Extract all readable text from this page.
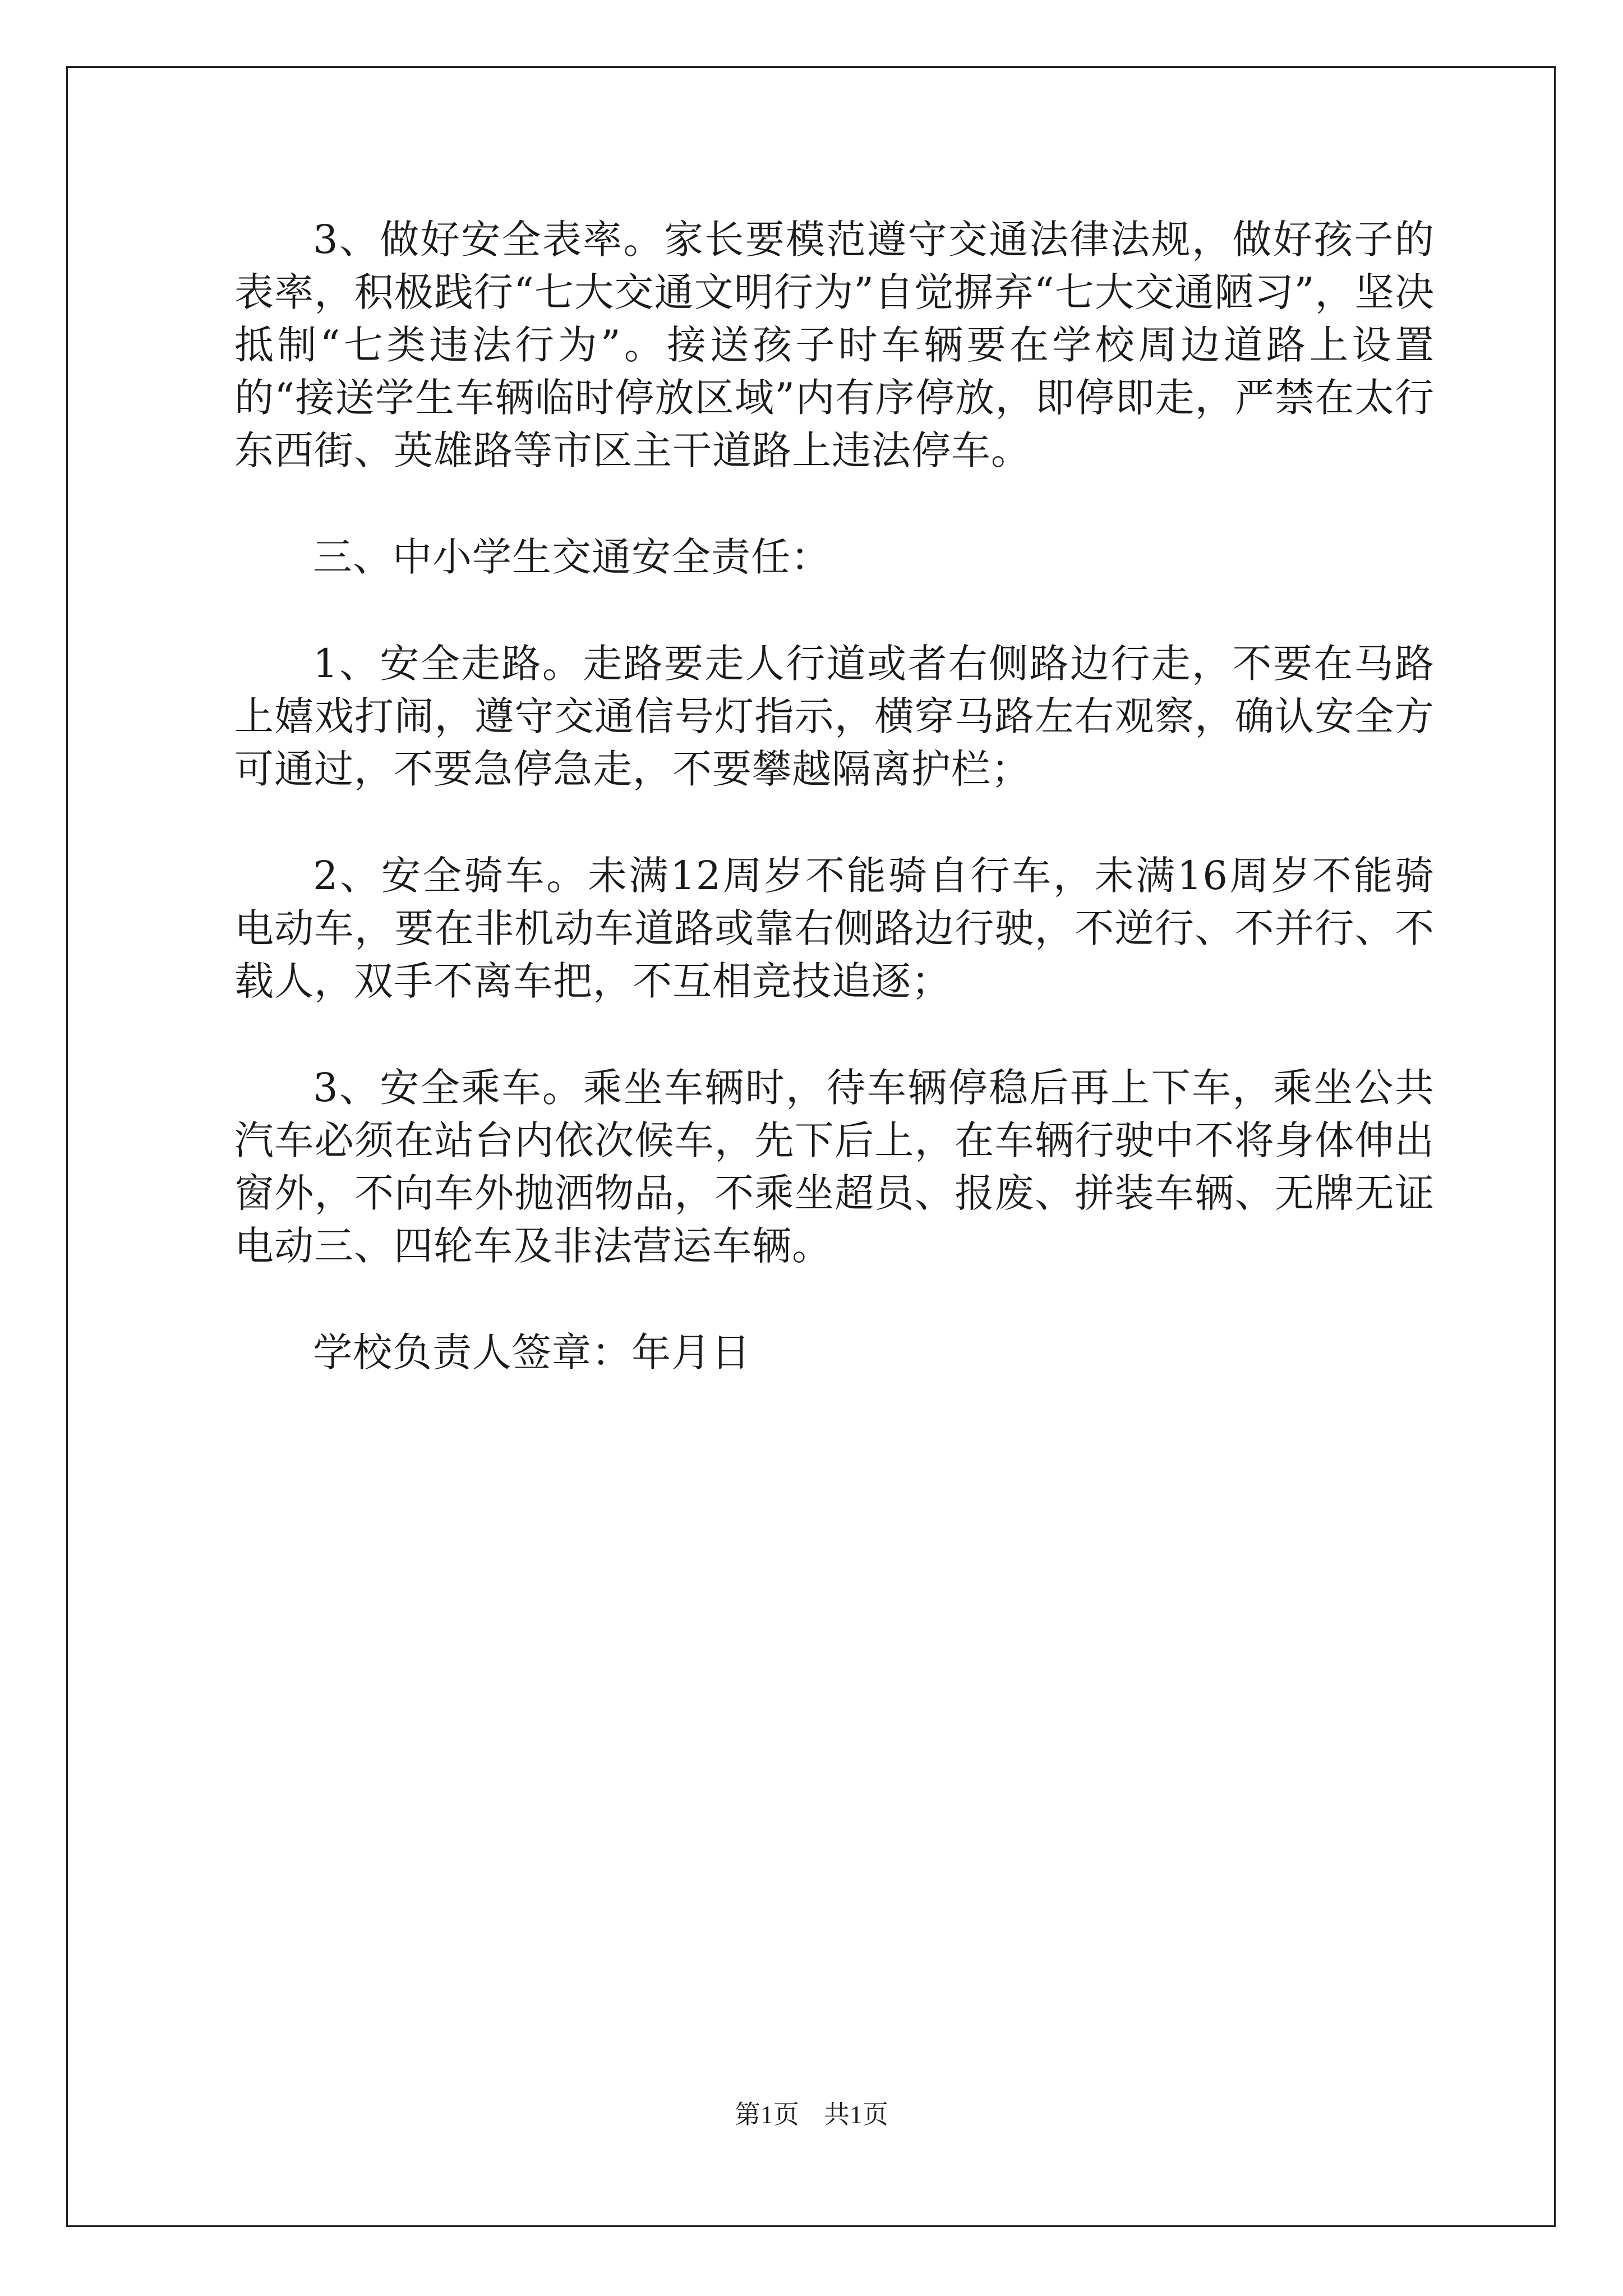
3、做好安全表率。家长要模范遵守交通法律法规，做好孩子的表率，积极践行“七大交通文明行为”自觉摒弃“七大交通陋习”，坚决抵制“七类违法行为”。接送孩子时车辆要在学校周边道路上设置的“接送学生车辆临时停放区域”内有序停放，即停即走，严禁在太行东西街、英雄路等市区主干道路上违法停车。

三、中小学生交通安全责任：

1、安全走路。走路要走人行道或者右侧路边行走，不要在马路上嬉戏打闹，遵守交通信号灯指示，横穿马路左右观察，确认安全方可通过，不要急停急走，不要攀越隔离护栏；

2、安全骑车。未满12周岁不能骑自行车，未满16周岁不能骑电动车，要在非机动车道路或靠右侧路边行驶，不逆行、不并行、不载人，双手不离车把，不互相竞技追逐；

3、安全乘车。乘坐车辆时，待车辆停稳后再上下车，乘坐公共汽车必须在站台内依次候车，先下后上，在车辆行驶中不将身体伸出窗外，不向车外抛洒物品，不乘坐超员、报废、拼装车辆、无牌无证电动三、四轮车及非法营运车辆。

学校负责人签章：年月日

第1页 共1页
